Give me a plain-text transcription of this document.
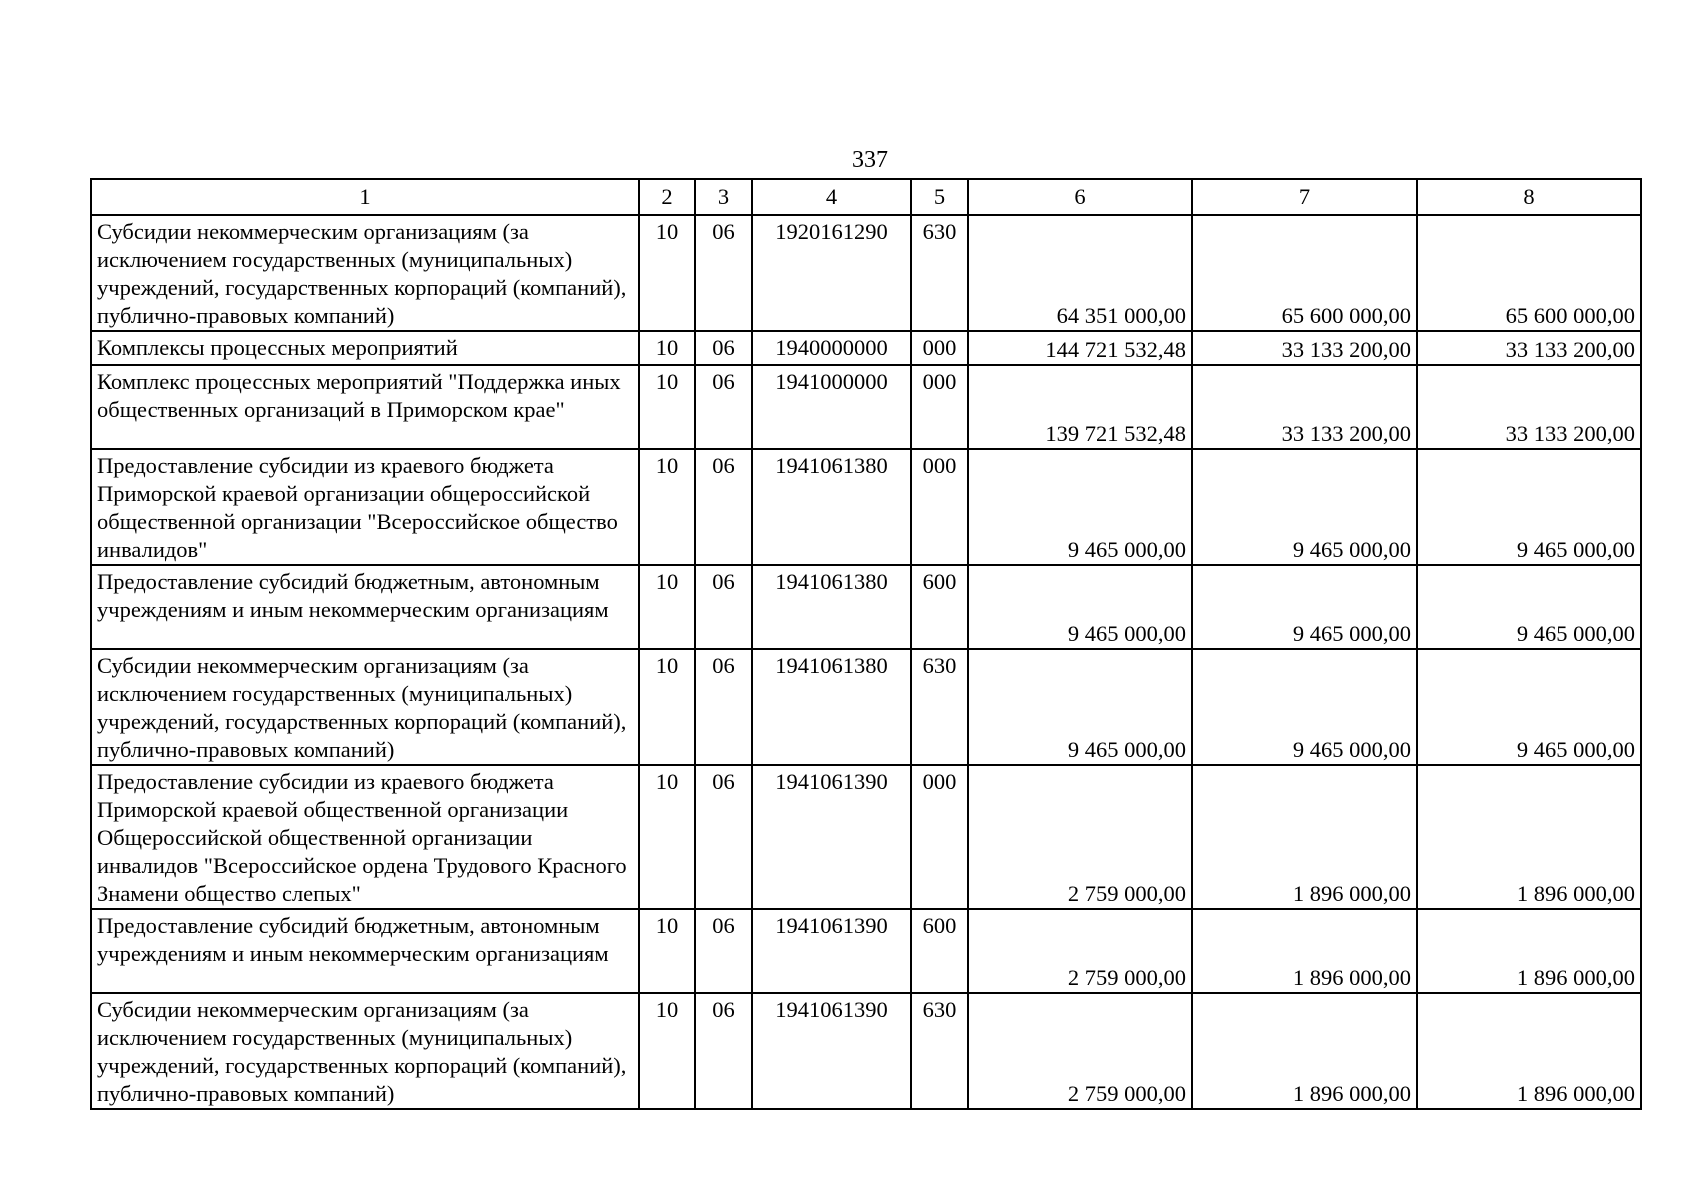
337
1	2	3	4	5	6	7	8
Субсидии некоммерческим организациям (за исключением государственных (муниципальных) учреждений, государственных корпораций (компаний), публично-правовых компаний)	10	06	1920161290	630	64 351 000,00	65 600 000,00	65 600 000,00
Комплексы процессных мероприятий	10	06	1940000000	000	144 721 532,48	33 133 200,00	33 133 200,00
Комплекс процессных мероприятий "Поддержка иных общественных организаций в Приморском крае"	10	06	1941000000	000	139 721 532,48	33 133 200,00	33 133 200,00
Предоставление субсидии из краевого бюджета Приморской краевой организации общероссийской общественной организации "Всероссийское общество инвалидов"	10	06	1941061380	000	9 465 000,00	9 465 000,00	9 465 000,00
Предоставление субсидий бюджетным, автономным учреждениям и иным некоммерческим организациям	10	06	1941061380	600	9 465 000,00	9 465 000,00	9 465 000,00
Субсидии некоммерческим организациям (за исключением государственных (муниципальных) учреждений, государственных корпораций (компаний), публично-правовых компаний)	10	06	1941061380	630	9 465 000,00	9 465 000,00	9 465 000,00
Предоставление субсидии из краевого бюджета Приморской краевой общественной организации Общероссийской общественной организации инвалидов "Всероссийское ордена Трудового Красного Знамени общество слепых"	10	06	1941061390	000	2 759 000,00	1 896 000,00	1 896 000,00
Предоставление субсидий бюджетным, автономным учреждениям и иным некоммерческим организациям	10	06	1941061390	600	2 759 000,00	1 896 000,00	1 896 000,00
Субсидии некоммерческим организациям (за исключением государственных (муниципальных) учреждений, государственных корпораций (компаний), публично-правовых компаний)	10	06	1941061390	630	2 759 000,00	1 896 000,00	1 896 000,00
